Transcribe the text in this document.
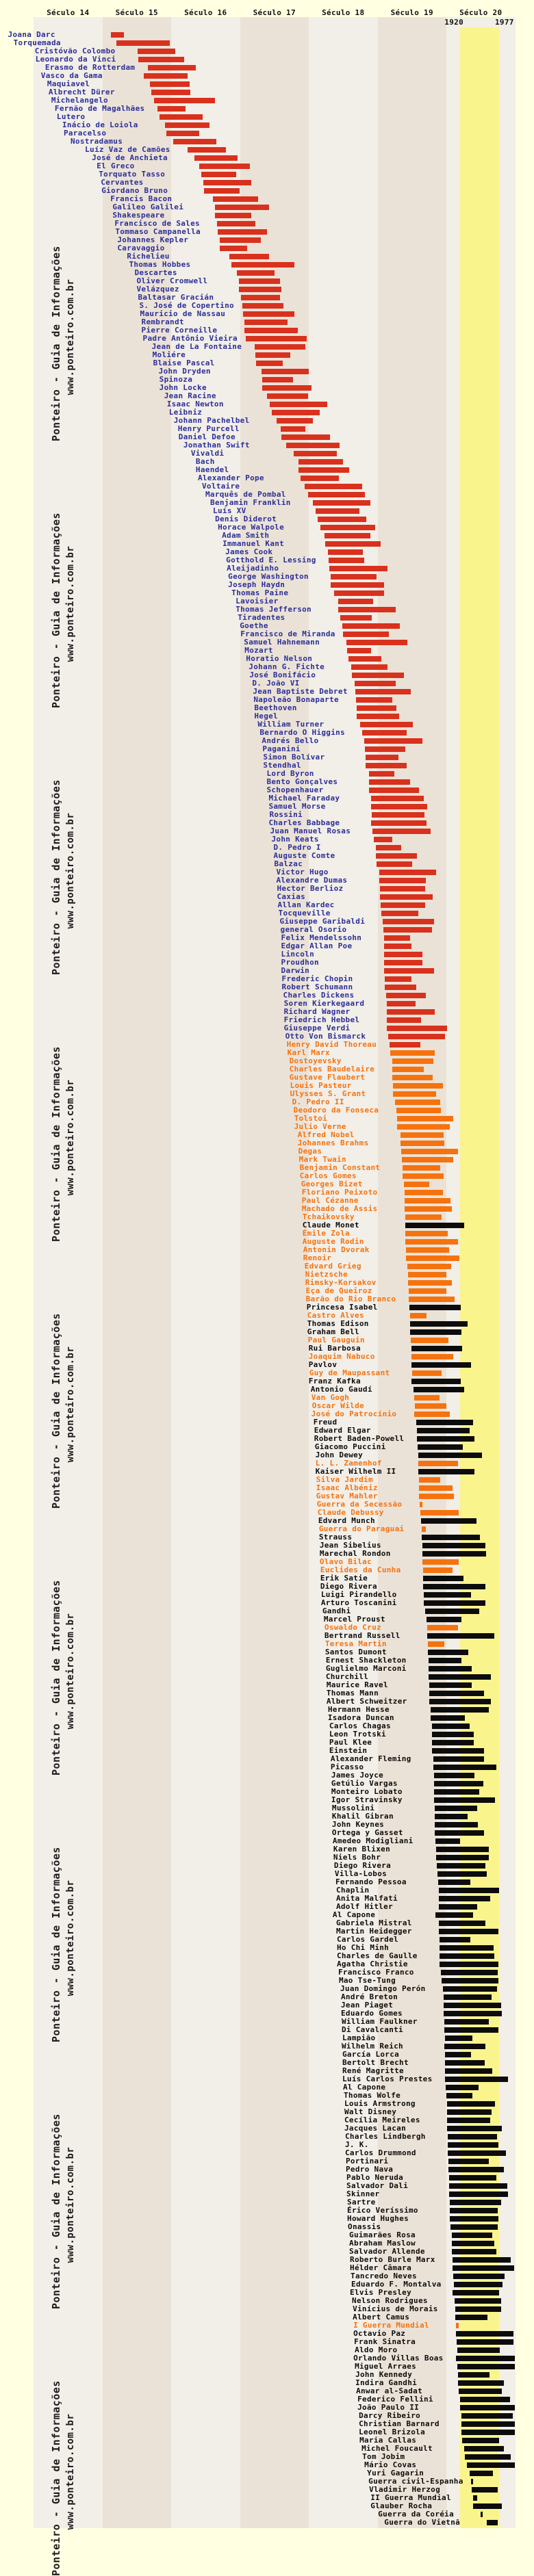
Século 14	Século 15	Século 16	Século 17	Século 18	Século 19	Século 20
1920	1977
Ponteiro - Guia de Informações www.ponteiro.com.br
Ponteiro - Guia de Informações www.ponteiro.com.br
Ponteiro - Guia de Informações www.ponteiro.com.br
Ponteiro - Guia de Informações www.ponteiro.com.br
Ponteiro - Guia de Informações www.ponteiro.com.br
Ponteiro - Guia de Informações www.ponteiro.com.br
Ponteiro - Guia de Informações www.ponteiro.com.br
Ponteiro - Guia de Informações www.ponteiro.com.br
Ponteiro - Guia de Informações www.ponteiro.com.br
Joana Darc
Torquemada
Cristóvão Colombo
Leonardo da Vinci
Erasmo de Rotterdam
Vasco da Gama
Maquiavel
Albrecht Dürer
Michelangelo
Fernão de Magalhães
Lutero
Inácio de Loiola
Paracelso
Nostradamus
Luíz Vaz de Camões
José de Anchieta
El Greco
Torquato Tasso
Cervantes
Giordano Bruno
Francis Bacon
Galileo Galilei
Shakespeare
Francisco de Sales
Tommaso Campanella
Johannes Kepler
Caravaggio
Richelieu
Thomas Hobbes
Descartes
Oliver Cromwell
Velázquez
Baltasar Gracián
S. José de Copertino
Mauricio de Nassau
Rembrandt
Pierre Corneille
Padre Antônio Vieira
Jean de La Fontaine
Moliére
Blaise Pascal
John Dryden
Spinoza
John Locke
Jean Racine
Isaac Newton
Leibniz
Johann Pachelbel
Henry Purcell
Daniel Defoe
Jonathan Swift
Vivaldi
Bach
Haendel
Alexander Pope
Voltaire
Marquês de Pombal
Benjamin Franklin
Luís XV
Denis Diderot
Horace Walpole
Adam Smith
Immanuel Kant
James Cook
Gotthold E. Lessing
Aleijadinho
George Washington
Joseph Haydn
Thomas Paine
Lavoisier
Thomas Jefferson
Tiradentes
Goethe
Francisco de Miranda
Samuel Hahnemann
Mozart
Horatio Nelson
Johann G. Fichte
José Bonifácio
D. João VI
Jean Baptiste Debret
Napoleão Bonaparte
Beethoven
Hegel
William Turner
Bernardo O Higgins
Andrés Bello
Paganini
Simon Bolívar
Stendhal
Lord Byron
Bento Gonçalves
Schopenhauer
Michael Faraday
Samuel Morse
Rossini
Charles Babbage
Juan Manuel Rosas
John Keats
D. Pedro I
Auguste Comte
Balzac
Victor Hugo
Alexandre Dumas
Hector Berlioz
Caxias
Allan Kardec
Tocqueville
Giuseppe Garibaldi
general Osorio
Felix Mendelssohn
Edgar Allan Poe
Lincoln
Proudhon
Darwin
Frederic Chopin
Robert Schumann
Charles Dickens
Soren Kierkegaard
Richard Wagner
Friedrich Hebbel
Giuseppe Verdi
Otto Von Bismarck
Henry David Thoreau
Karl Marx
Dostoyevsky
Charles Baudelaire
Gustave Flaubert
Louis Pasteur
Ulysses S. Grant
D. Pedro II
Deodoro da Fonseca
Tolstoi
Julio Verne
Alfred Nobel
Johannes Brahms
Degas
Mark Twain
Benjamin Constant
Carlos Gomes
Georges Bizet
Floriano Peixoto
Paul Cézanne
Machado de Assis
Tchaikovsky
Claude Monet
Émile Zola
Auguste Rodin
Antonin Dvorak
Renoir
Edvard Grieg
Nietzsche
Rimsky-Korsakov
Eça de Queiroz
Barão do Rio Branco
Princesa Isabel
Castro Alves
Thomas Edison
Graham Bell
Paul Gauguin
Rui Barbosa
Joaquim Nabuco
Pavlov
Guy de Maupassant
Franz Kafka
Antonio Gaudí
Van Gogh
Oscar Wilde
José do Patrocínio
Freud
Edward Elgar
Robert Baden-Powell
Giacomo Puccini
John Dewey
L. L. Zamenhof
Kaiser Wilhelm II
Silva Jardim
Isaac Albéniz
Gustav Mahler
Guerra da Secessão
Claude Debussy
Edvard Munch
Guerra do Paraguai
Strauss
Jean Sibelius
Marechal Rondon
Olavo Bilac
Euclides da Cunha
Erik Satie
Diego Rivera
Luigi Pirandello
Arturo Toscanini
Gandhi
Marcel Proust
Oswaldo Cruz
Bertrand Russell
Teresa Martin
Santos Dumont
Ernest Shackleton
Guglielmo Marconi
Churchill
Maurice Ravel
Thomas Mann
Albert Schweitzer
Hermann Hesse
Isadora Duncan
Carlos Chagas
Leon Trotski
Paul Klee
Einstein
Alexander Fleming
Picasso
James Joyce
Getúlio Vargas
Monteiro Lobato
Igor Stravinsky
Mussolini
Khalil Gibran
John Keynes
Ortega y Gasset
Amedeo Modigliani
Karen Blixen
Niels Bohr
Diego Rivera
Villa-Lobos
Fernando Pessoa
Chaplin
Anita Malfati
Adolf Hitler
Al Capone
Gabriela Mistral
Martin Heidegger
Carlos Gardel
Ho Chi Minh
Charles de Gaulle
Agatha Christie
Francisco Franco
Mao Tse-Tung
Juan Domingo Perón
André Breton
Jean Piaget
Eduardo Gomes
William Faulkner
Di Cavalcanti
Lampião
Wilhelm Reich
García Lorca
Bertolt Brecht
René Magritte
Luís Carlos Prestes
Al Capone
Thomas Wolfe
Louis Armstrong
Walt Disney
Cecília Meireles
Jacques Lacan
Charles Lindbergh
J. K.
Carlos Drummond
Portinari
Pedro Nava
Pablo Neruda
Salvador Dali
Skinner
Sartre
Érico Veríssimo
Howard Hughes
Onassis
Guimarães Rosa
Abraham Maslow
Salvador Allende
Roberto Burle Marx
Hélder Câmara
Tancredo Neves
Eduardo F. Montalva
Elvis Presley
Nelson Rodrigues
Vinícius de Morais
Albert Camus
I Guerra Mundial
Octavio Paz
Frank Sinatra
Aldo Moro
Orlando Villas Boas
Miguel Arraes
John Kennedy
Indira Gandhi
Anwar al-Sadat
Federico Fellini
João Paulo II
Darcy Ribeiro
Christian Barnard
Leonel Brizola
Maria Callas
Michel Foucault
Tom Jobim
Mário Covas
Yuri Gagarin
Guerra civil-Espanha
Vladimir Herzog
II Guerra Mundial
Glauber Rocha
Guerra da Coréia
Guerra do Vietnã
